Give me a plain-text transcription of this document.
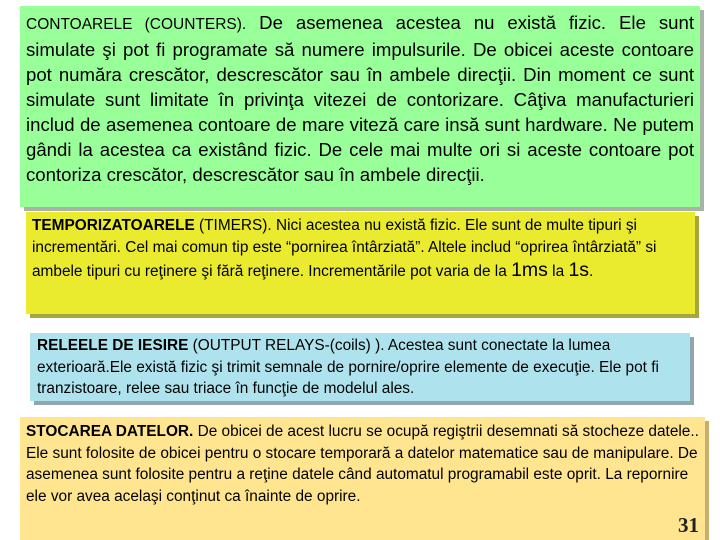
CONTOARELE (COUNTERS). De asemenea acestea nu există fizic. Ele sunt simulate şi pot fi programate să numere impulsurile. De obicei aceste contoare pot număra crescător, descrescător sau în ambele direcţii. Din moment ce sunt simulate sunt limitate în privinţa vitezei de contorizare. Câţiva manufacturieri includ de asemenea contoare de mare viteză care insă sunt hardware. Ne putem gândi la acestea ca existând fizic. De cele mai multe ori si aceste contoare pot contoriza crescător, descrescător sau în ambele direcţii.
TEMPORIZATOARELE (TIMERS). Nici acestea nu există fizic. Ele sunt de multe tipuri şi incrementări. Cel mai comun tip este “pornirea întârziată”. Altele includ “oprirea întârziată” si ambele tipuri cu reţinere şi fără reţinere. Incrementările pot varia de la 1ms la 1s.
RELEELE DE IESIRE (OUTPUT RELAYS-(coils) ). Acestea sunt conectate la lumea exterioară.Ele există fizic şi trimit semnale de pornire/oprire elemente de execuţie. Ele pot fi tranzistoare, relee sau triace în funcţie de modelul ales.
STOCAREA DATELOR. De obicei de acest lucru se ocupă regiştrii desemnati să stocheze datele.. Ele sunt folosite de obicei pentru o stocare temporară a datelor matematice sau de manipulare. De asemenea sunt folosite pentru a reţine datele când automatul programabil este oprit. La repornire ele vor avea acelaşi conţinut ca înainte de oprire.
31
